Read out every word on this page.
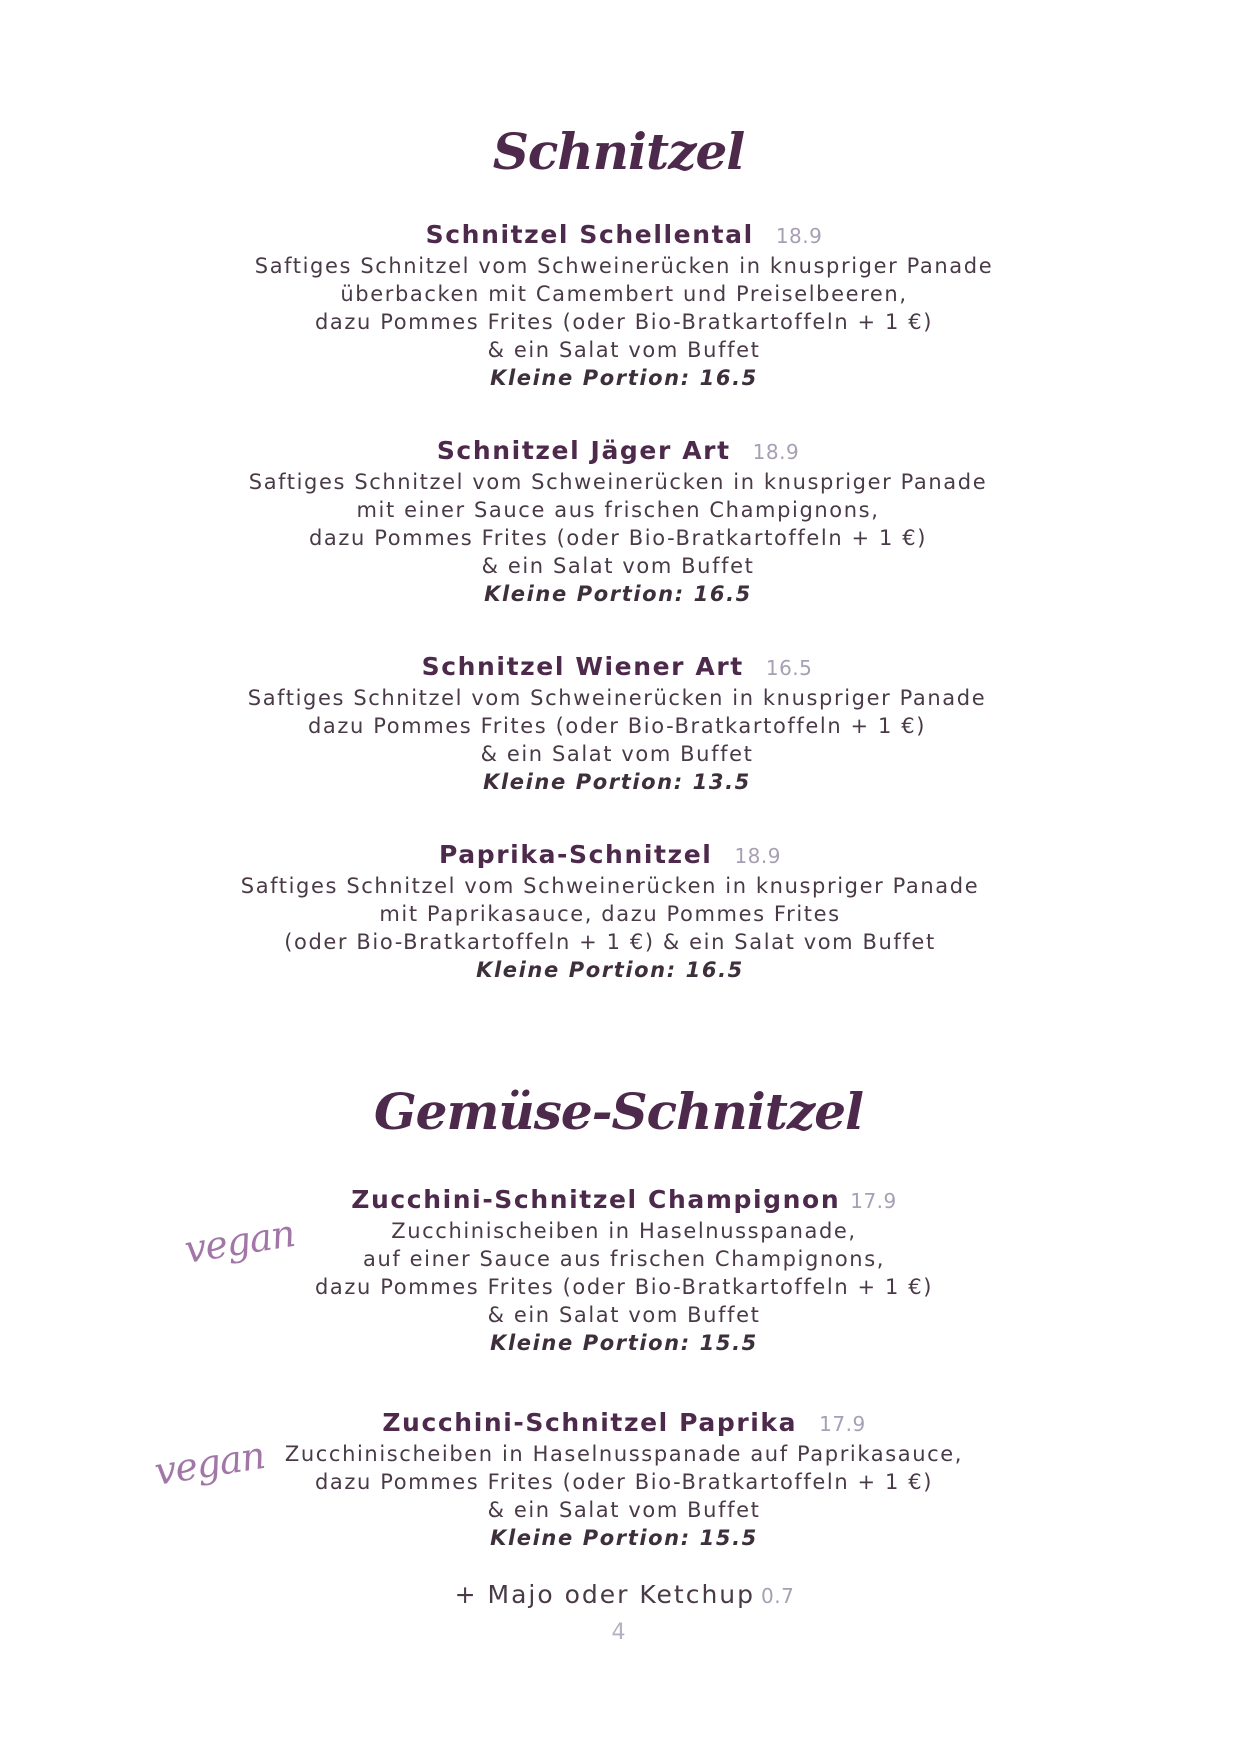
Schnitzel
Schnitzel Schellental 18.9
Saftiges Schnitzel vom Schweinerücken in knuspriger Panade
überbacken mit Camembert und Preiselbeeren,
dazu Pommes Frites (oder Bio-Bratkartoffeln + 1 €)
& ein Salat vom Buffet
Kleine Portion: 16.5
Schnitzel Jäger Art 18.9
Saftiges Schnitzel vom Schweinerücken in knuspriger Panade
mit einer Sauce aus frischen Champignons,
dazu Pommes Frites (oder Bio-Bratkartoffeln + 1 €)
& ein Salat vom Buffet
Kleine Portion: 16.5
Schnitzel Wiener Art 16.5
Saftiges Schnitzel vom Schweinerücken in knuspriger Panade
dazu Pommes Frites (oder Bio-Bratkartoffeln + 1 €)
& ein Salat vom Buffet
Kleine Portion: 13.5
Paprika-Schnitzel 18.9
Saftiges Schnitzel vom Schweinerücken in knuspriger Panade
mit Paprikasauce, dazu Pommes Frites
(oder Bio-Bratkartoffeln + 1 €) & ein Salat vom Buffet
Kleine Portion: 16.5
Gemüse-Schnitzel
vegan
Zucchini-Schnitzel Champignon 17.9
Zucchinischeiben in Haselnusspanade,
auf einer Sauce aus frischen Champignons,
dazu Pommes Frites (oder Bio-Bratkartoffeln + 1 €)
& ein Salat vom Buffet
Kleine Portion: 15.5
vegan
Zucchini-Schnitzel Paprika 17.9
Zucchinischeiben in Haselnusspanade auf Paprikasauce,
dazu Pommes Frites (oder Bio-Bratkartoffeln + 1 €)
& ein Salat vom Buffet
Kleine Portion: 15.5
+ Majo oder Ketchup 0.7
4
